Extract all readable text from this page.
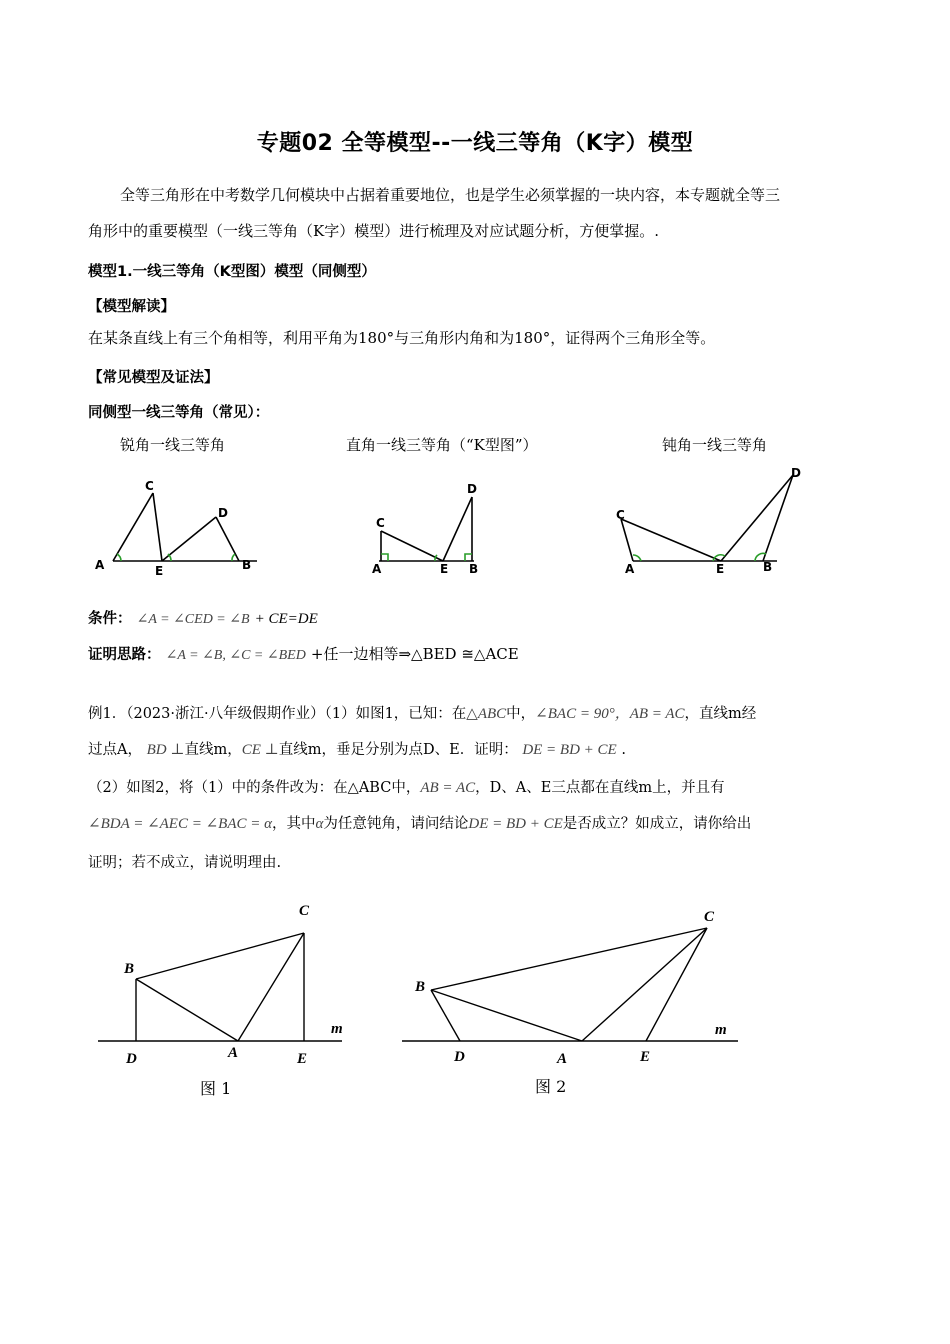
专题02 全等模型--一线三等角（K字）模型
全等三角形在中考数学几何模块中占据着重要地位，也是学生必须掌握的一块内容，本专题就全等三
角形中的重要模型（一线三等角（K字）模型）进行梳理及对应试题分析，方便掌握。.
模型1.一线三等角（K型图）模型（同侧型）
【模型解读】
在某条直线上有三个角相等，利用平角为180°与三角形内角和为180°，证得两个三角形全等。
【常见模型及证法】
同侧型一线三等角（常见）：
锐角一线三等角	直角一线三等角（“K型图”）	钝角一线三等角
A
C
E
D
B	A
C
E
D
B	A
C
E
D
B
条件： ∠A = ∠CED = ∠B + CE=DE
证明思路： ∠A = ∠B, ∠C = ∠BED +任一边相等⇒△BED ≅△ACE
例1．（2023·浙江·八年级假期作业）（1）如图1，已知：在△ABC中，∠BAC = 90°，AB = AC，直线m经
过点A， BD ⊥直线m，CE ⊥直线m，垂足分别为点D、E．证明： DE = BD + CE .
（2）如图2，将（1）中的条件改为：在△ABC中，AB = AC，D、A、E三点都在直线m上，并且有
∠BDA = ∠AEC = ∠BAC = α，其中α为任意钝角，请问结论DE = BD + CE是否成立？如成立，请你给出
证明；若不成立，请说明理由.
B
C
D	A	E
m
B
C
D	A	E
m
图 1	图 2
